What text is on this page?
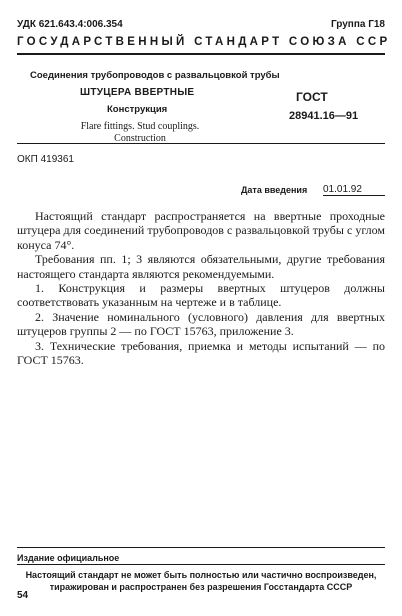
УДК 621.643.4:006.354	Группа Г18
ГОСУДАРСТВЕННЫЙ СТАНДАРТ СОЮЗА ССР
Соединения трубопроводов с развальцовкой трубы
ШТУЦЕРА ВВЕРТНЫЕ
Конструкция
Flare fittings. Stud couplings.
Construction
ГОСТ
28941.16—91
ОКП 419361
Дата введения 01.01.92

Настоящий стандарт распространяется на ввертные проходные штуцера для соединений трубопроводов с развальцовкой трубы с углом конуса 74°.

Требования пп. 1; 3 являются обязательными, другие требования настоящего стандарта являются рекомендуемыми.

1. Конструкция и размеры ввертных штуцеров должны соответствовать указанным на чертеже и в таблице.

2. Значение номинального (условного) давления для ввертных штуцеров группы 2 — по ГОСТ 15763, приложение 3.

3. Технические требования, приемка и методы испытаний — по ГОСТ 15763.

Издание официальное
Настоящий стандарт не может быть полностью или частично воспроизведен,
тиражирован и распространен без разрешения Госстандарта СССР
54
